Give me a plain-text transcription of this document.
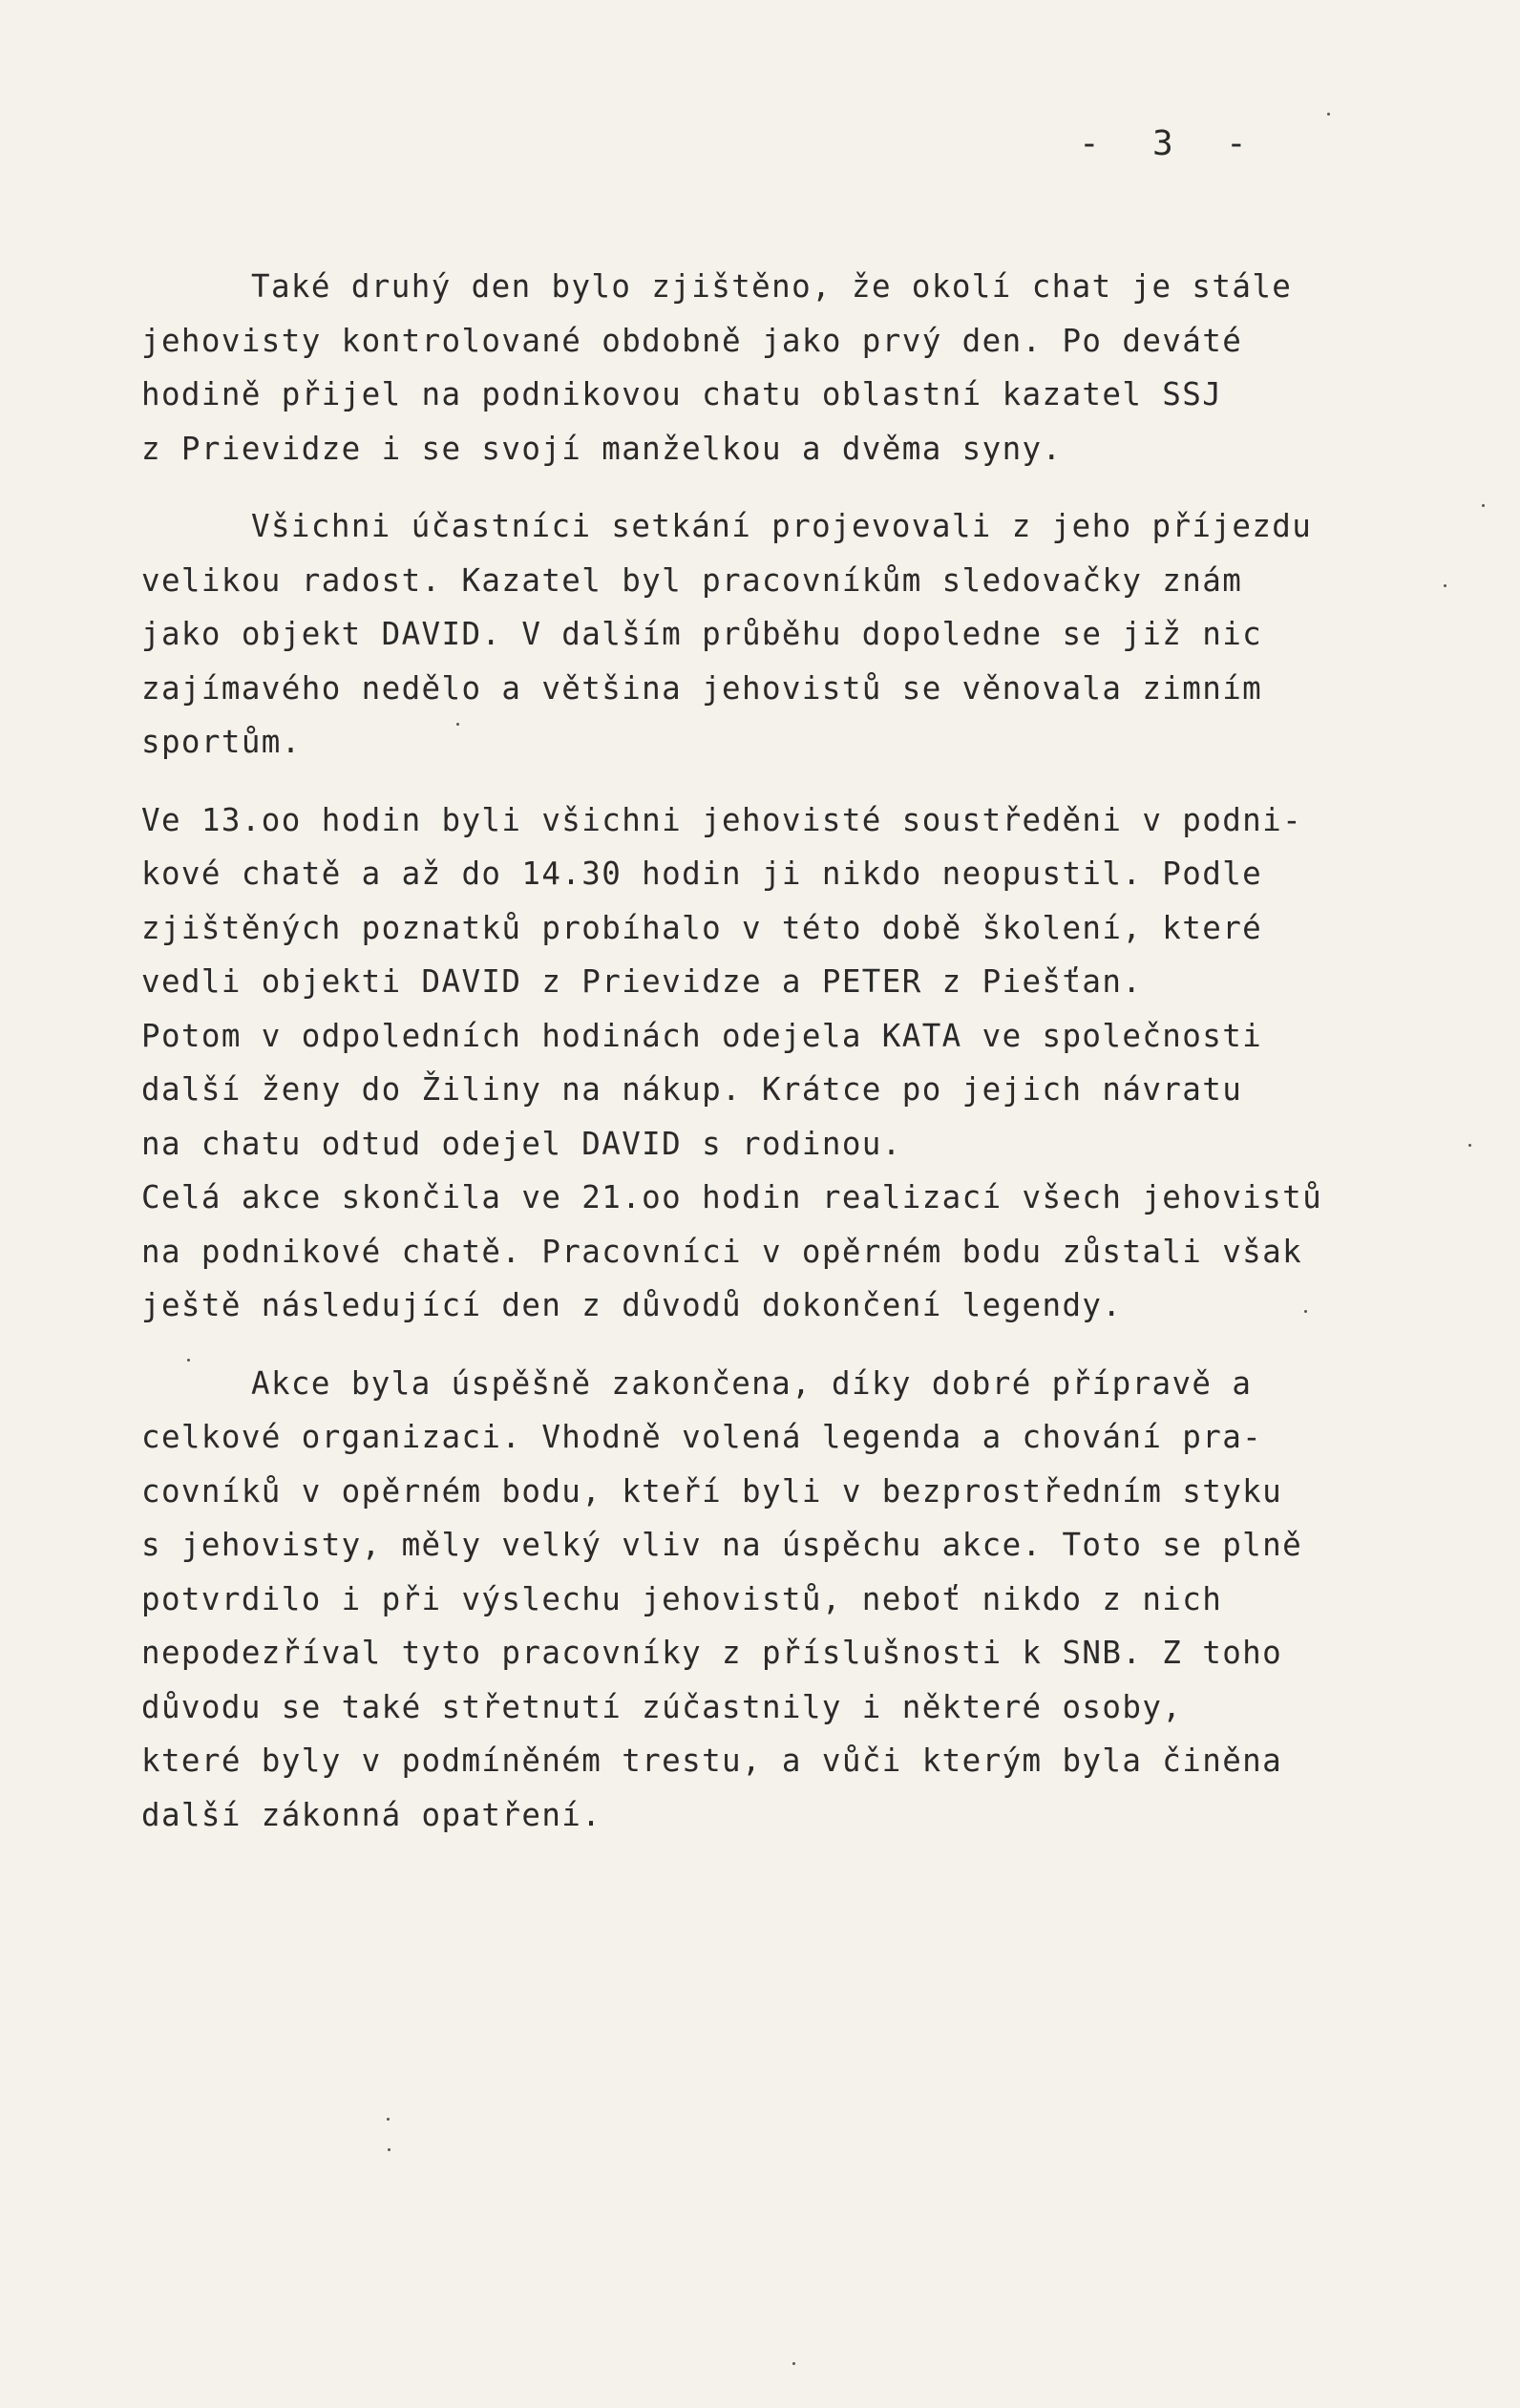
-  3  -
Také druhý den bylo zjištěno, že okolí chat je stále
jehovisty kontrolované obdobně jako prvý den. Po deváté
hodině přijel na podnikovou chatu oblastní kazatel SSJ
z Prievidze i se svojí manželkou a dvěma syny.
Všichni účastníci setkání projevovali z jeho příjezdu
velikou radost. Kazatel byl pracovníkům sledovačky znám
jako objekt DAVID. V dalším průběhu dopoledne se již nic
zajímavého nedělo a většina jehovistů se věnovala zimním
sportům.
Ve 13.oo hodin byli všichni jehovisté soustředěni v podni-
kové chatě a až do 14.30 hodin ji nikdo neopustil. Podle
zjištěných poznatků probíhalo v této době školení, které
vedli objekti DAVID z Prievidze a PETER z Piešťan.
Potom v odpoledních hodinách odejela KATA ve společnosti
další ženy do Žiliny na nákup. Krátce po jejich návratu
na chatu odtud odejel DAVID s rodinou.
Celá akce skončila ve 21.oo hodin realizací všech jehovistů
na podnikové chatě. Pracovníci v opěrném bodu zůstali však
ještě následující den z důvodů dokončení legendy.
Akce byla úspěšně zakončena, díky dobré přípravě a
celkové organizaci. Vhodně volená legenda a chování pra-
covníků v opěrném bodu, kteří byli v bezprostředním styku
s jehovisty, měly velký vliv na úspěchu akce. Toto se plně
potvrdilo i při výslechu jehovistů, neboť nikdo z nich
nepodezříval tyto pracovníky z příslušnosti k SNB. Z toho
důvodu se také střetnutí zúčastnily i některé osoby,
které byly v podmíněném trestu, a vůči kterým byla činěna
další zákonná opatření.
